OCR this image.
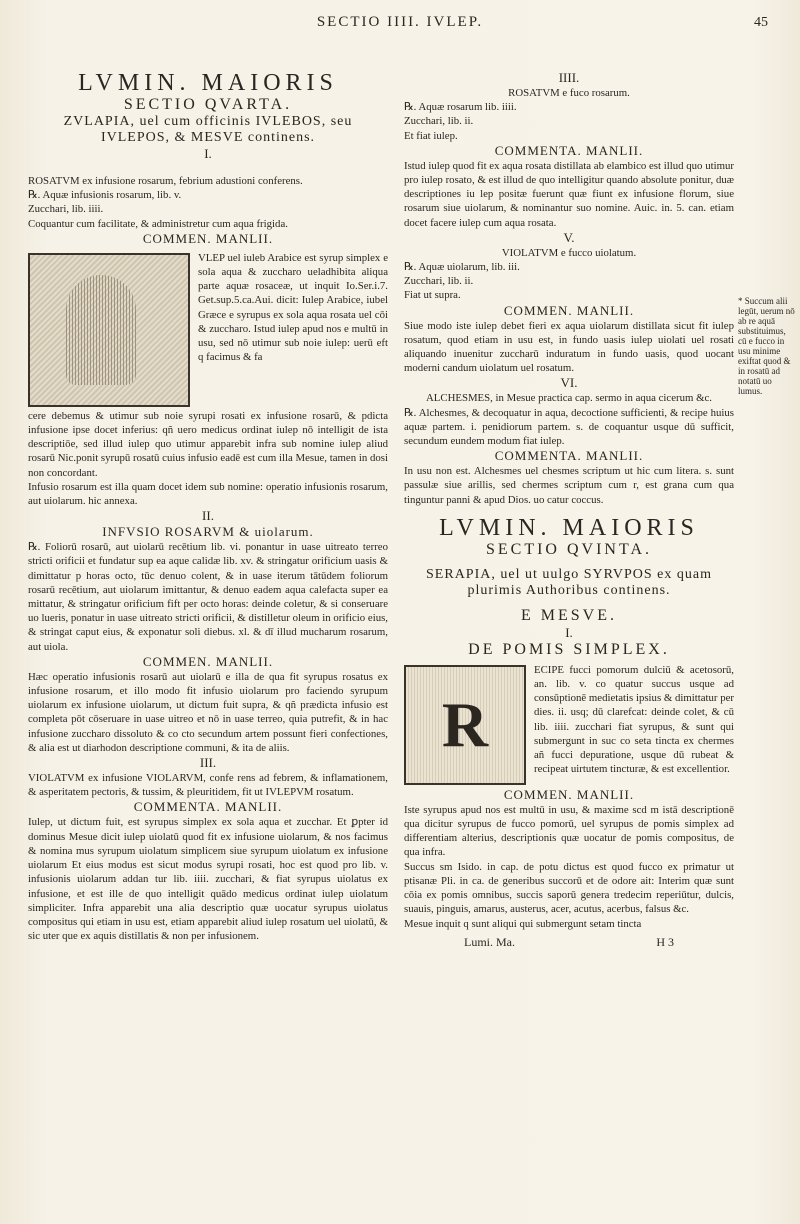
SECTIO IIII. IVLEP.	45
LVMIN. MAIORIS
SECTIO QVARTA.
ZVLAPIA, uel cum officinis IVLEBOS, seu
IVLEPOS, & MESVE continens.
I.

ROSATVM ex infusione rosarum, febrium adustioni conferens.

℞. Aquæ infusionis rosarum, lib. v.

Zucchari, lib. iiii.

Coquantur cum facilitate, & administretur cum aqua frigida.

COMMEN. MANLII.

VLEP uel iuleb Arabice est syrup simplex e sola aqua & zuccharo ueladhibita aliqua parte aquæ rosaceæ, ut inquit Io.Ser.i.7. Get.sup.5.ca.Aui. dicit: Iulep Arabice, iubel Græce e syrupus ex sola aqua rosata uel cōi & zuccharo. Istud iulep apud nos e multū in usu, sed nō utimur sub noie iulep: uerū eft q facimus & fa

cere debemus & utimur sub noie syrupi rosati ex infusione rosarū, & pdicta infusione ipse docet inferius: qñ uero medicus ordinat iulep nō intelligit de ista descriptiōe, sed illud iulep quo utimur apparebit infra sub nomine iulep aliud rosarū Nic.ponit syrupū rosatū cuius infusio eadē est cum illa Mesue, tamen in dosi non concordant.

Infusio rosarum est illa quam docet idem sub nomine: operatio infusionis rosarum, aut uiolarum. hic annexa.

II.
INFVSIO ROSARVM & uiolarum.

℞. Foliorū rosarū, aut uiolarū recētium lib. vi. ponantur in uase uitreato terreo stricti orificii et fundatur sup ea aque calidæ lib. xv. & stringatur orificium uasis & dimittatur p horas octo, tūc denuo colent, & in uase iterum tātūdem foliorum rosarū recētium, aut uiolarum imittantur, & denuo eadem aqua calefacta super ea mittatur, & stringatur orificium fift per octo horas: deinde coletur, & si conseruare uo lueris, ponatur in uase uitreato stricti orificii, & distilletur oleum in orificio eius, & stringat caput eius, & exponatur soli diebus. xl. & dī illud mucharum rosarum, aut uiola.

COMMEN. MANLII.

Hæc operatio infusionis rosarū aut uiolarū e illa de qua fit syrupus rosatus ex infusione rosarum, et illo modo fit infusio uiolarum pro faciendo syrupum uiolarum ex infusione uiolarum, ut dictum fuit supra, & qñ prædicta infusio est completa pōt cōseruare in uase uitreo et nō in uase terreo, quia putrefit, & in hac infusione zuccharo dissoluto & co cto secundum artem possunt fieri confectiones, & alia est ut diarhodon descriptione communi, & ita de aliis.

III.

VIOLATVM ex infusione VIOLARVM, confe rens ad febrem, & inflamationem, & asperitatem pectoris, & tussim, & pleuritidem, fit ut IVLEPVM rosatum.

COMMENTA. MANLII.

Iulep, ut dictum fuit, est syrupus simplex ex sola aqua et zucchar. Et ꝑpter id dominus Mesue dicit iulep uiolatū quod fit ex infusione uiolarum, & nos facimus & nomina mus syrupum uiolatum simplicem siue syrupum uiolatum ex infusione uiolarum Et eius modus est sicut modus syrupi rosati, hoc est quod pro lib. v. infusionis uiolarum addan tur lib. iiii. zucchari, & fiat syrupus uiolatus ex infusione, et est ille de quo intelligit quādo medicus ordinat iulep uiolatum simpliciter. Infra apparebit una alia descriptio quæ uocatur syrupus uiolatus compositus qui etiam in usu est, etiam apparebit aliud iulep rosatum uel uiolatū, & sic uter que ex aquis distillatis & non per infusionem.

IIII.

ROSATVM e fuco rosarum.

℞. Aquæ rosarum lib. iiii.

Zucchari, lib. ii.

Et fiat iulep.

COMMENTA. MANLII.

Istud iulep quod fit ex aqua rosata distillata ab elambico est illud quo utimur pro iulep rosato, & est illud de quo intelligitur quando absolute ponitur, duæ descriptiones iu lep positæ fuerunt quæ fiunt ex infusione florum, siue rosarum siue uiolarum, & nominantur suo nomine. Auic. in. 5. can. etiam docet facere iulep cum aqua rosata.

V.

VIOLATVM e fucco uiolatum.

℞. Aquæ uiolarum, lib. iii.

Zucchari, lib. ii.

Fiat ut supra.

COMMEN. MANLII.

Siue modo iste iulep debet fieri ex aqua uiolarum distillata sicut fit iulep rosatum, quod etiam in usu est, in fundo uasis iulep uiolati uel rosati aliquando inuenitur zuccharū induratum in fundo uasis, quod uocant moderni candum uiolatum uel rosatum.

VI.

ALCHESMES, in Mesue practica cap. sermo in aqua cicerum &c.

℞. Alchesmes, & decoquatur in aqua, decoctione sufficienti, & recipe huius aquæ partem. i. penidiorum partem. s. de coquantur usque dū sufficit, secundum eundem modum fiat iulep.

COMMENTA. MANLII.

In usu non est. Alchesmes uel chesmes scriptum ut hic cum litera. s. sunt passulæ siue arillis, sed chermes scriptum cum r, est grana cum qua tinguntur panni & apud Dios. uo catur coccus.

LVMIN. MAIORIS
SECTIO QVINTA.
SERAPIA, uel ut uulgo SYRVPOS ex quam plurimis Authoribus continens.
E MESVE.
I.
DE POMIS SIMPLEX.
R

ECIPE fucci pomorum dulciū & acetosorū, an. lib. v. co quatur succus usque ad consūptionē medietatis ipsius & dimittatur per dies. ii. usq; dū clarefcat: deinde colet, & cū lib. iiii. zucchari fiat syrupus, & sunt qui submergunt in suc co seta tincta ex chermes añ fucci depuratione, usque dū rubeat & recipeat uirtutem tincturæ, & est excellentior.

COMMEN. MANLII.

Iste syrupus apud nos est multū in usu, & maxime scd m istā descriptionē qua dicitur syrupus de fucco pomorū, uel syrupus de pomis simplex ad differentiam alterius, descriptionis quæ uocatur de pomis compositus, de qua infra.

Succus sm Isido. in cap. de potu dictus est quod fucco ex primatur ut ptisanæ Pli. in ca. de generibus succorū et de odore ait: Interim quæ sunt cōia ex pomis omnibus, succis saporū genera tredecim reperiūtur, dulcis, suauis, pinguis, amarus, austerus, acer, acutus, acerbus, falsus &c.

Mesue inquit q sunt aliqui qui submergunt setam tincta

Lumi. Ma.	H 3
* Succum alii legūt, uerum nō ab re aquā substituimus, cū e fucco in usu minime exiftat quod & in rosatū ad notatū uo lumus.
